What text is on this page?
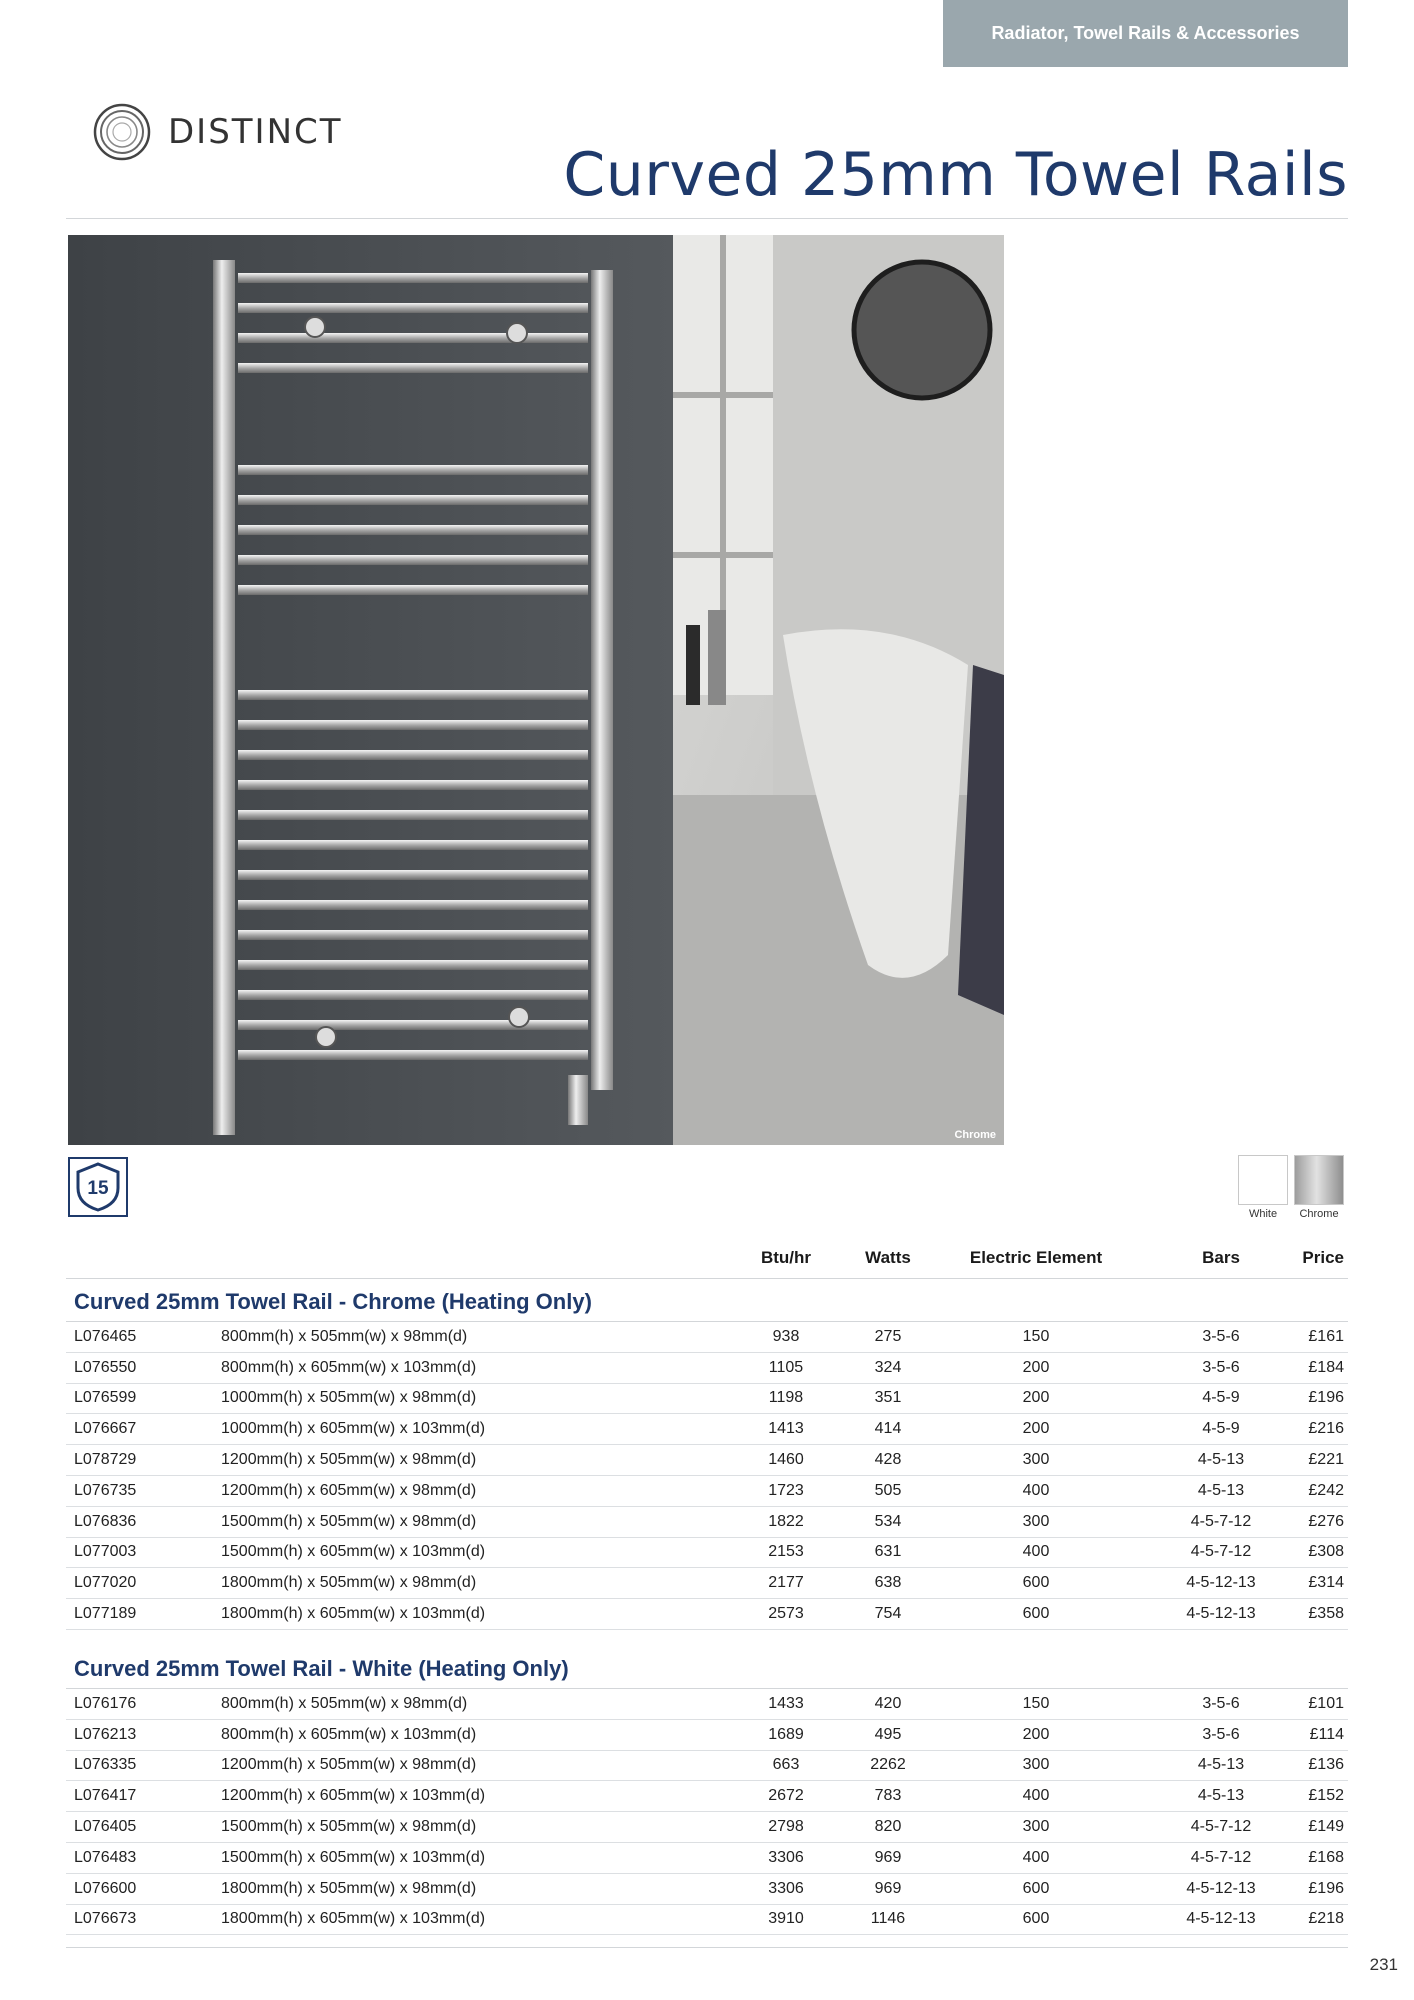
Radiator, Towel Rails & Accessories
DISTINCT
Curved 25mm Towel Rails
Chrome
15
White Chrome
Btu/hr	Watts	Electric Element	Bars	Price
Curved 25mm Towel Rail - Chrome (Heating Only)
L076465	800mm(h) x 505mm(w) x 98mm(d)	938	275	150	3-5-6	£161
L076550	800mm(h) x 605mm(w) x 103mm(d)	1105	324	200	3-5-6	£184
L076599	1000mm(h) x 505mm(w) x 98mm(d)	1198	351	200	4-5-9	£196
L076667	1000mm(h) x 605mm(w) x 103mm(d)	1413	414	200	4-5-9	£216
L078729	1200mm(h) x 505mm(w) x 98mm(d)	1460	428	300	4-5-13	£221
L076735	1200mm(h) x 605mm(w) x 98mm(d)	1723	505	400	4-5-13	£242
L076836	1500mm(h) x 505mm(w) x 98mm(d)	1822	534	300	4-5-7-12	£276
L077003	1500mm(h) x 605mm(w) x 103mm(d)	2153	631	400	4-5-7-12	£308
L077020	1800mm(h) x 505mm(w) x 98mm(d)	2177	638	600	4-5-12-13	£314
L077189	1800mm(h) x 605mm(w) x 103mm(d)	2573	754	600	4-5-12-13	£358
Curved 25mm Towel Rail - White (Heating Only)
L076176	800mm(h) x 505mm(w) x 98mm(d)	1433	420	150	3-5-6	£101
L076213	800mm(h) x 605mm(w) x 103mm(d)	1689	495	200	3-5-6	£114
L076335	1200mm(h) x 505mm(w) x 98mm(d)	663	2262	300	4-5-13	£136
L076417	1200mm(h) x 605mm(w) x 103mm(d)	2672	783	400	4-5-13	£152
L076405	1500mm(h) x 505mm(w) x 98mm(d)	2798	820	300	4-5-7-12	£149
L076483	1500mm(h) x 605mm(w) x 103mm(d)	3306	969	400	4-5-7-12	£168
L076600	1800mm(h) x 505mm(w) x 98mm(d)	3306	969	600	4-5-12-13	£196
L076673	1800mm(h) x 605mm(w) x 103mm(d)	3910	1146	600	4-5-12-13	£218
231
